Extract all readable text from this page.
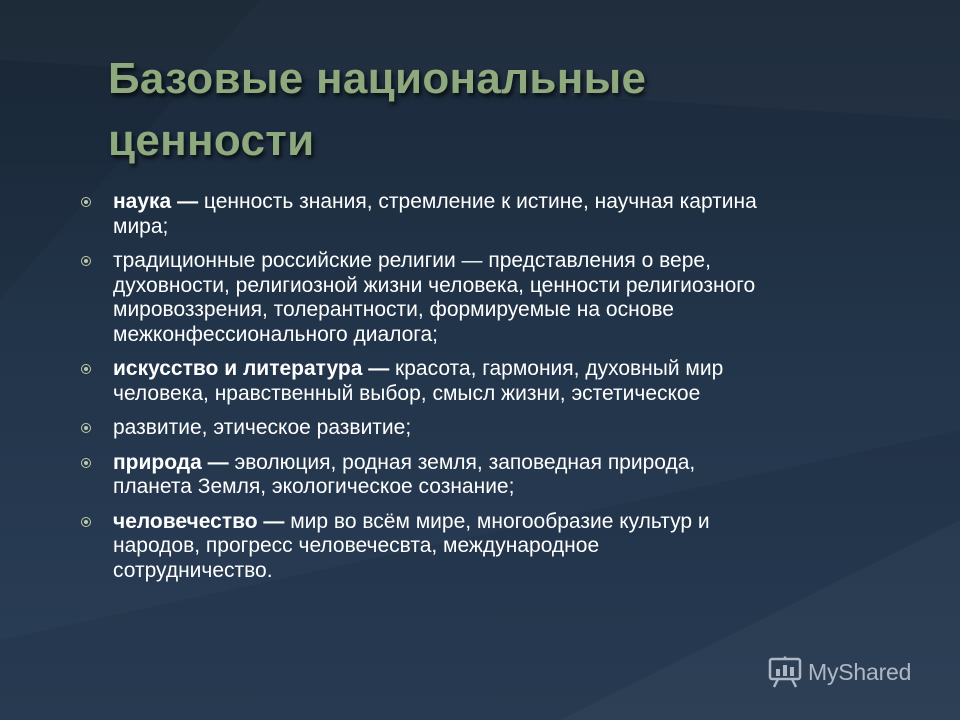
Базовые национальные
ценности
наука — ценность знания, стремление к истине, научная картина
мира;
традиционные российские религии — представления о вере,
духовности, религиозной жизни человека, ценности религиозного
мировоззрения, толерантности, формируемые на основе
межконфессионального диалога;
искусство и литература — красота, гармония, духовный мир
человека, нравственный выбор, смысл жизни, эстетическое
развитие, этическое развитие;
природа — эволюция, родная земля, заповедная природа,
планета Земля, экологическое сознание;
человечество — мир во всём мире, многообразие культур и
народов, прогресс человечесвта, международное
сотрудничество.
MyShared
